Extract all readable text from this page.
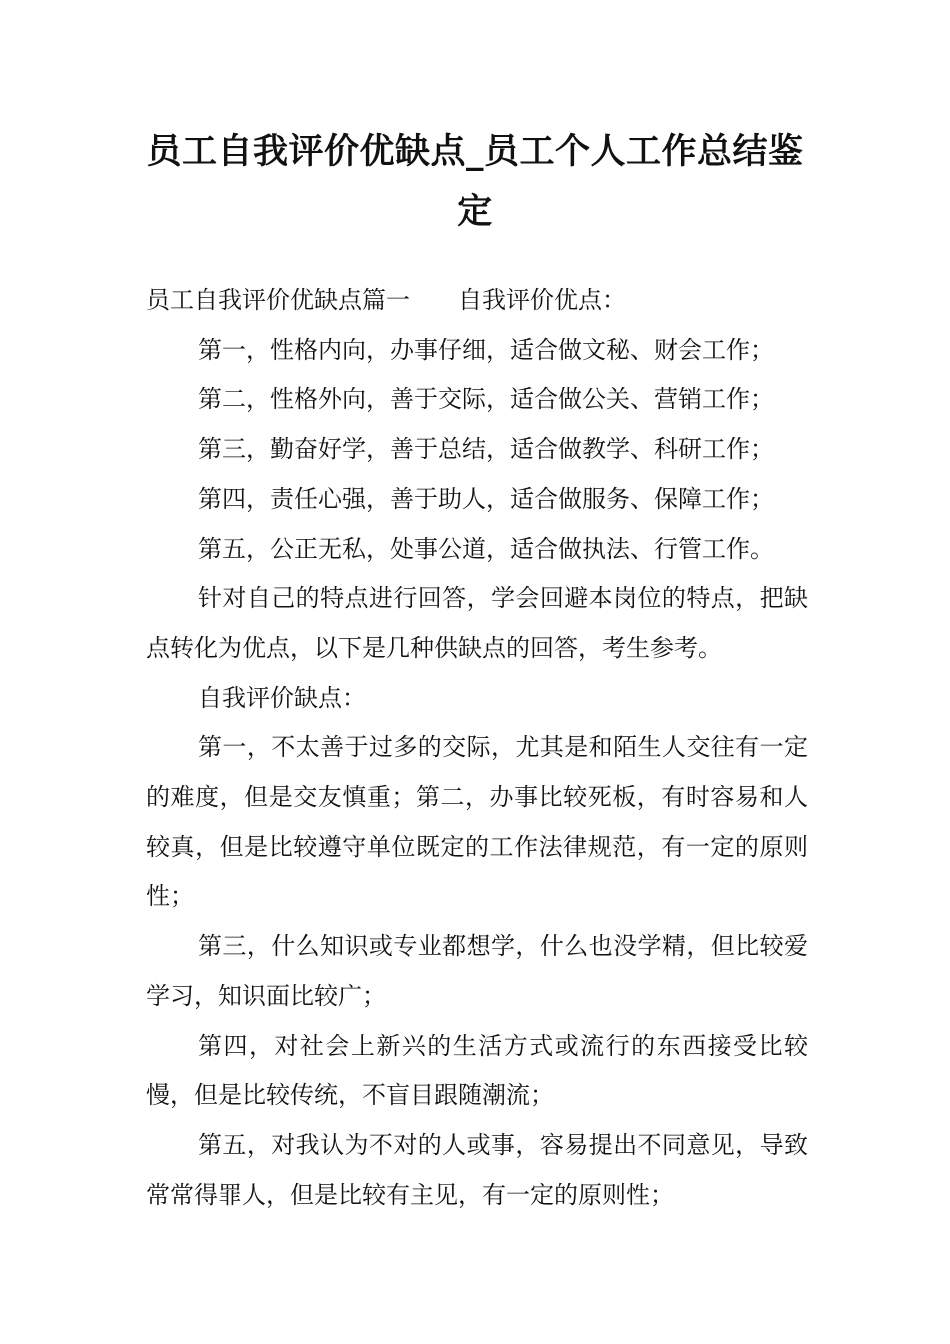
员工自我评价优缺点_员工个人工作总结鉴定

员工自我评价优缺点篇一 自我评价优点：

第一，性格内向，办事仔细，适合做文秘、财会工作；

第二，性格外向，善于交际，适合做公关、营销工作；

第三，勤奋好学，善于总结，适合做教学、科研工作；

第四，责任心强，善于助人，适合做服务、保障工作；

第五，公正无私，处事公道，适合做执法、行管工作。

针对自己的特点进行回答，学会回避本岗位的特点，把缺点转化为优点，以下是几种供缺点的回答，考生参考。

自我评价缺点：

第一，不太善于过多的交际，尤其是和陌生人交往有一定的难度，但是交友慎重；第二，办事比较死板，有时容易和人较真，但是比较遵守单位既定的工作法律规范，有一定的原则性；

第三，什么知识或专业都想学，什么也没学精，但比较爱学习，知识面比较广；

第四，对社会上新兴的生活方式或流行的东西接受比较慢，但是比较传统，不盲目跟随潮流；

第五，对我认为不对的人或事，容易提出不同意见，导致常常得罪人，但是比较有主见，有一定的原则性；
